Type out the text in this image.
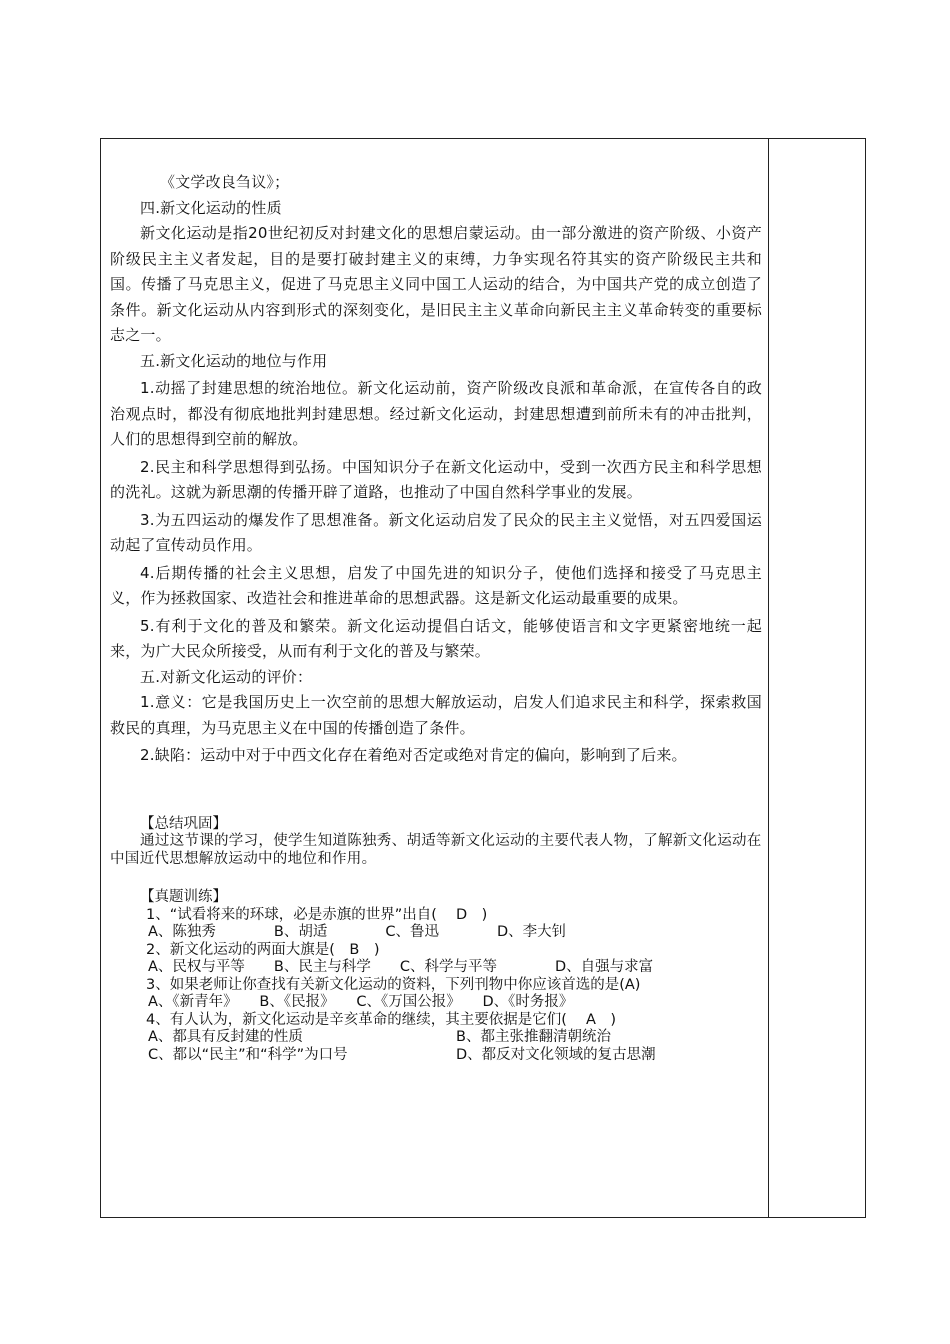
《文学改良刍议》；

四.新文化运动的性质

新文化运动是指20世纪初反对封建文化的思想启蒙运动。由一部分激进的资产阶级、小资产阶级民主主义者发起，目的是要打破封建主义的束缚，力争实现名符其实的资产阶级民主共和国。传播了马克思主义，促进了马克思主义同中国工人运动的结合，为中国共产党的成立创造了条件。新文化运动从内容到形式的深刻变化，是旧民主主义革命向新民主主义革命转变的重要标志之一。

五.新文化运动的地位与作用

1.动摇了封建思想的统治地位。新文化运动前，资产阶级改良派和革命派，在宣传各自的政治观点时，都没有彻底地批判封建思想。经过新文化运动，封建思想遭到前所未有的冲击批判，人们的思想得到空前的解放。

2.民主和科学思想得到弘扬。中国知识分子在新文化运动中，受到一次西方民主和科学思想的洗礼。这就为新思潮的传播开辟了道路，也推动了中国自然科学事业的发展。

3.为五四运动的爆发作了思想准备。新文化运动启发了民众的民主主义觉悟，对五四爱国运动起了宣传动员作用。

4.后期传播的社会主义思想，启发了中国先进的知识分子，使他们选择和接受了马克思主义，作为拯救国家、改造社会和推进革命的思想武器。这是新文化运动最重要的成果。

5.有利于文化的普及和繁荣。新文化运动提倡白话文，能够使语言和文字更紧密地统一起来，为广大民众所接受，从而有利于文化的普及与繁荣。

五.对新文化运动的评价：

1.意义：它是我国历史上一次空前的思想大解放运动，启发人们追求民主和科学，探索救国救民的真理，为马克思主义在中国的传播创造了条件。

2.缺陷：运动中对于中西文化存在着绝对否定或绝对肯定的偏向，影响到了后来。

【总结巩固】

通过这节课的学习，使学生知道陈独秀、胡适等新文化运动的主要代表人物，了解新文化运动在中国近代思想解放运动中的地位和作用。

【真题训练】

1、“试看将来的环球，必是赤旗的世界”出自(　 D　)
A、陈独秀　　　　B、胡适　　　　C、鲁迅　　　　D、李大钊
2、新文化运动的两面大旗是(　B　)
A、民权与平等　　B、民主与科学　　C、科学与平等　　　　D、自强与求富
3、如果老师让你查找有关新文化运动的资料，下列刊物中你应该首选的是(A)
A、《新青年》　　B、《民报》　　C、《万国公报》　　D、《时务报》
4、有人认为，新文化运动是辛亥革命的继续，其主要依据是它们(　 A　)
A、都具有反封建的性质	B、都主张推翻清朝统治
C、都以“民主”和“科学”为口号	D、都反对文化领域的复古思潮
